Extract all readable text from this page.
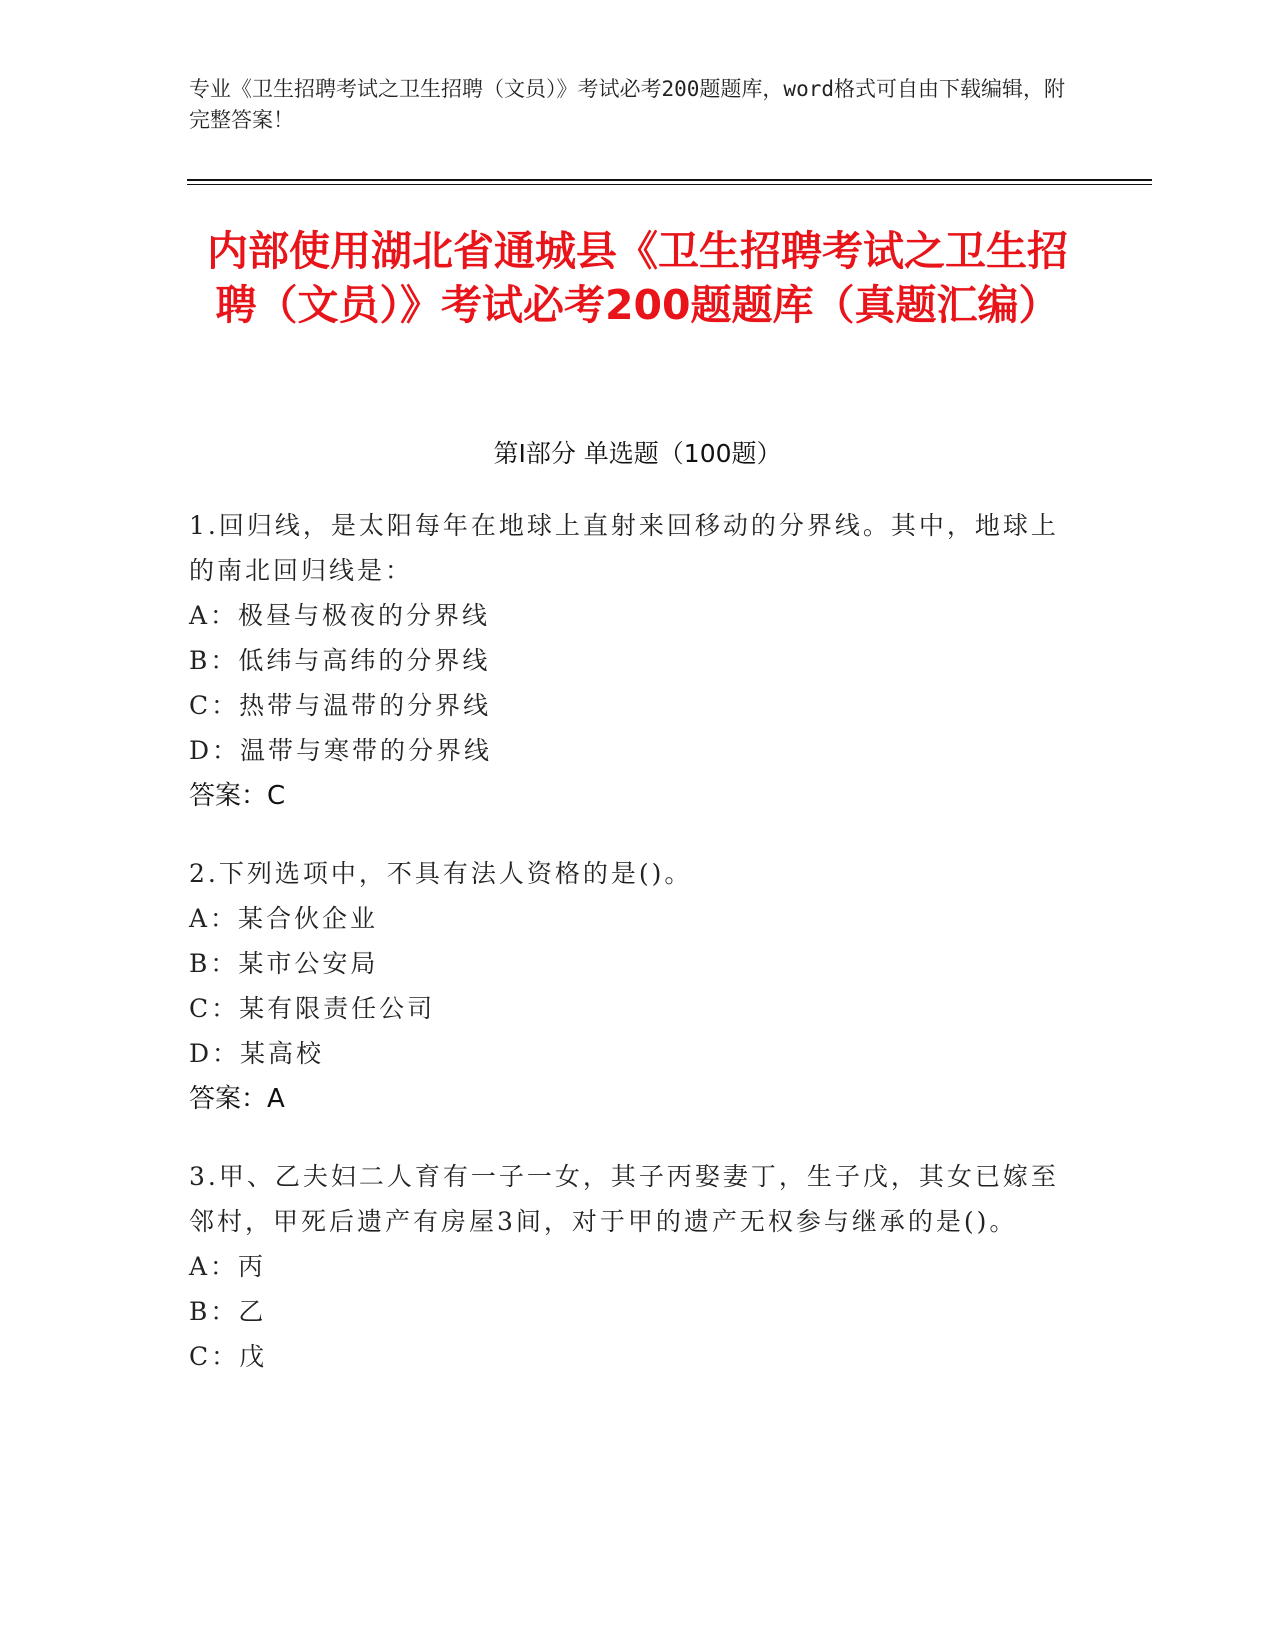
专业《卫生招聘考试之卫生招聘（文员）》考试必考200题题库，word格式可自由下载编辑，附完整答案！
内部使用湖北省通城县《卫生招聘考试之卫生招聘（文员）》考试必考200题题库（真题汇编）
第Ⅰ部分 单选题（100题）

1.回归线，是太阳每年在地球上直射来回移动的分界线。其中，地球上的南北回归线是：

A：极昼与极夜的分界线

B：低纬与高纬的分界线

C：热带与温带的分界线

D：温带与寒带的分界线

答案：C

2.下列选项中，不具有法人资格的是()。

A：某合伙企业

B：某市公安局

C：某有限责任公司

D：某高校

答案：A

3.甲、乙夫妇二人育有一子一女，其子丙娶妻丁，生子戊，其女已嫁至邻村，甲死后遗产有房屋3间，对于甲的遗产无权参与继承的是()。

A：丙

B：乙

C：戊
